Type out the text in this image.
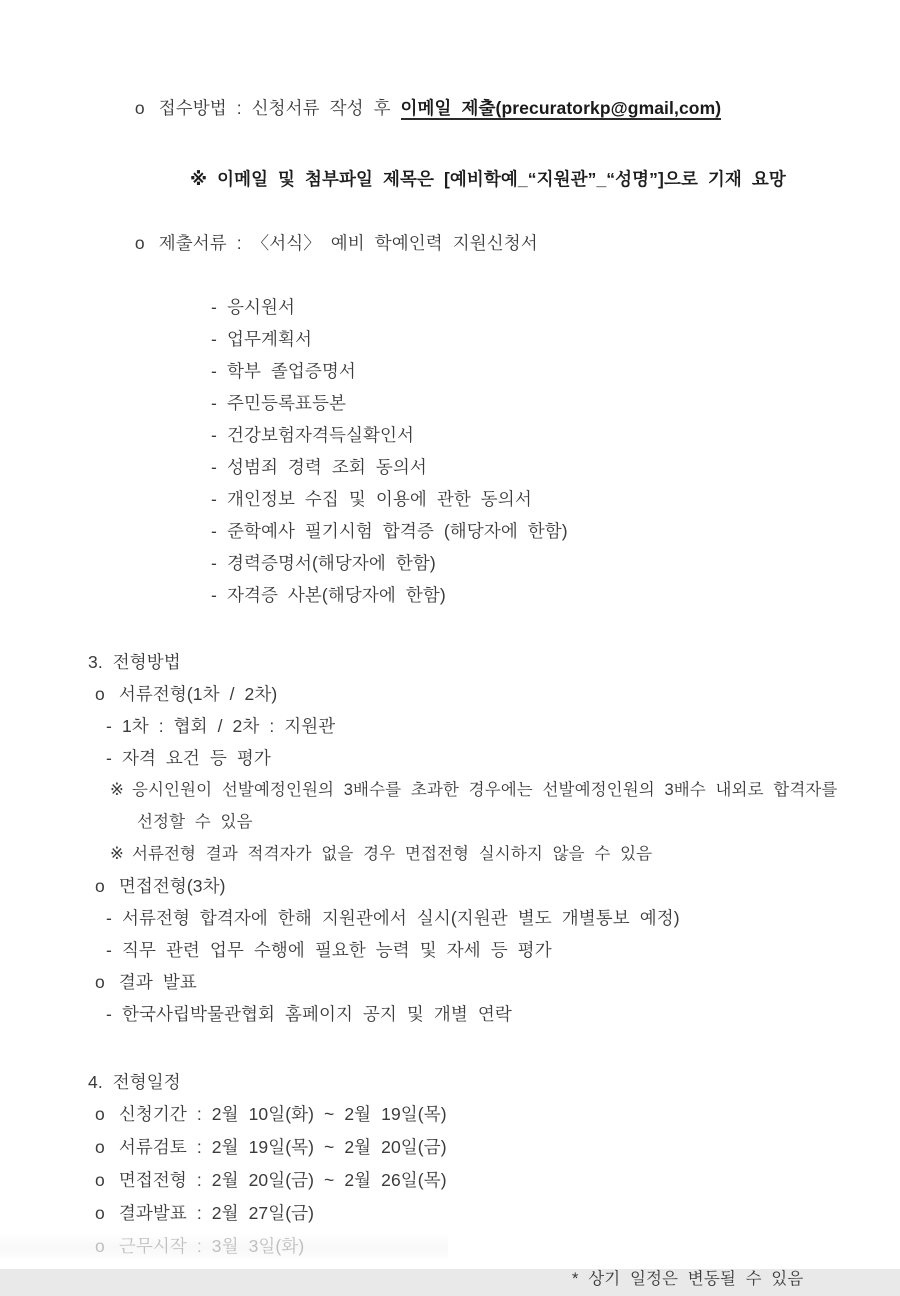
o 접수방법 : 신청서류 작성 후 이메일 제출(precuratorkp@gmail,com)

※ 이메일 및 첨부파일 제목은 [예비학예_“지원관”_“성명”]으로 기재 요망

o 제출서류 : 〈서식〉 예비 학예인력 지원신청서

- 응시원서
- 업무계획서
- 학부 졸업증명서
- 주민등록표등본
- 건강보험자격득실확인서
- 성범죄 경력 조회 동의서
- 개인정보 수집 및 이용에 관한 동의서
- 준학예사 필기시험 합격증 (해당자에 한함)
- 경력증명서(해당자에 한함)
- 자격증 사본(해당자에 한함)
3. 전형방법
o 서류전형(1차 / 2차)
- 1차 : 협회 / 2차 : 지원관
- 자격 요건 등 평가
※ 응시인원이 선발예정인원의 3배수를 초과한 경우에는 선발예정인원의 3배수 내외로 합격자를
선정할 수 있음
※ 서류전형 결과 적격자가 없을 경우 면접전형 실시하지 않을 수 있음
o 면접전형(3차)
- 서류전형 합격자에 한해 지원관에서 실시(지원관 별도 개별통보 예정)
- 직무 관련 업무 수행에 필요한 능력 및 자세 등 평가
o 결과 발표
- 한국사립박물관협회 홈페이지 공지 및 개별 연락
4. 전형일정
o 신청기간 : 2월 10일(화) ~ 2월 19일(목)
o 서류검토 : 2월 19일(목) ~ 2월 20일(금)
o 면접전형 : 2월 20일(금) ~ 2월 26일(목)
o 결과발표 : 2월 27일(금)
* 상기 일정은 변동될 수 있음
